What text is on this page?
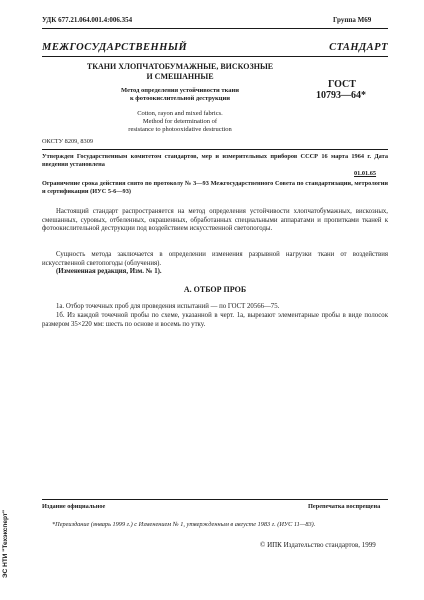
УДК 677.21.064.001.4:006.354	Группа М69
МЕЖГОСУДАРСТВЕННЫЙ СТАНДАРТ
ТКАНИ ХЛОПЧАТОБУМАЖНЫЕ, ВИСКОЗНЫЕ
И СМЕШАННЫЕ
Метод определения устойчивости ткани
к фотоокислительной деструкции
Cotton, rayon and mixed fabrics.
Method for determination of
resistance to photooxidative destruction
ГОСТ
10793—64*
ОКСТУ 8209, 8309
Утвержден Государственным комитетом стандартов, мер и измерительных приборов СССР 16 марта 1964 г. Дата введения установлена
01.01.65
Ограничение срока действия снято по протоколу № 3—93 Межгосударственного Совета по стандартизации, метрологии и сертификации (ИУС 5-6—93)
Настоящий стандарт распространяется на метод определения устойчивости хлопчатобумажных, вискозных, смешанных, суровых, отбеленных, окрашенных, обработанных специальными аппаратами и пропитками тканей к фотоокислительной деструкции под воздействием искусственной светопогоды.
Сущность метода заключается в определении изменения разрывной нагрузки ткани от воздействия искусственной светопогоды (облучения).
(Измененная редакция, Изм. № 1).
А. ОТБОР ПРОБ
1а. Отбор точечных проб для проведения испытаний — по ГОСТ 20566—75.
1б. Из каждой точечной пробы по схеме, указанной в черт. 1а, вырезают элементарные пробы в виде полосок размером 35×220 мм: шесть по основе и восемь по утку.
Издание официальное	Перепечатка воспрещена
*Переиздание (январь 1999 г.) с Изменением № 1, утвержденным в августе 1983 г. (ИУС 11—83).
© ИПК Издательство стандартов, 1999
ЭС НТИ "Техэксперт"
